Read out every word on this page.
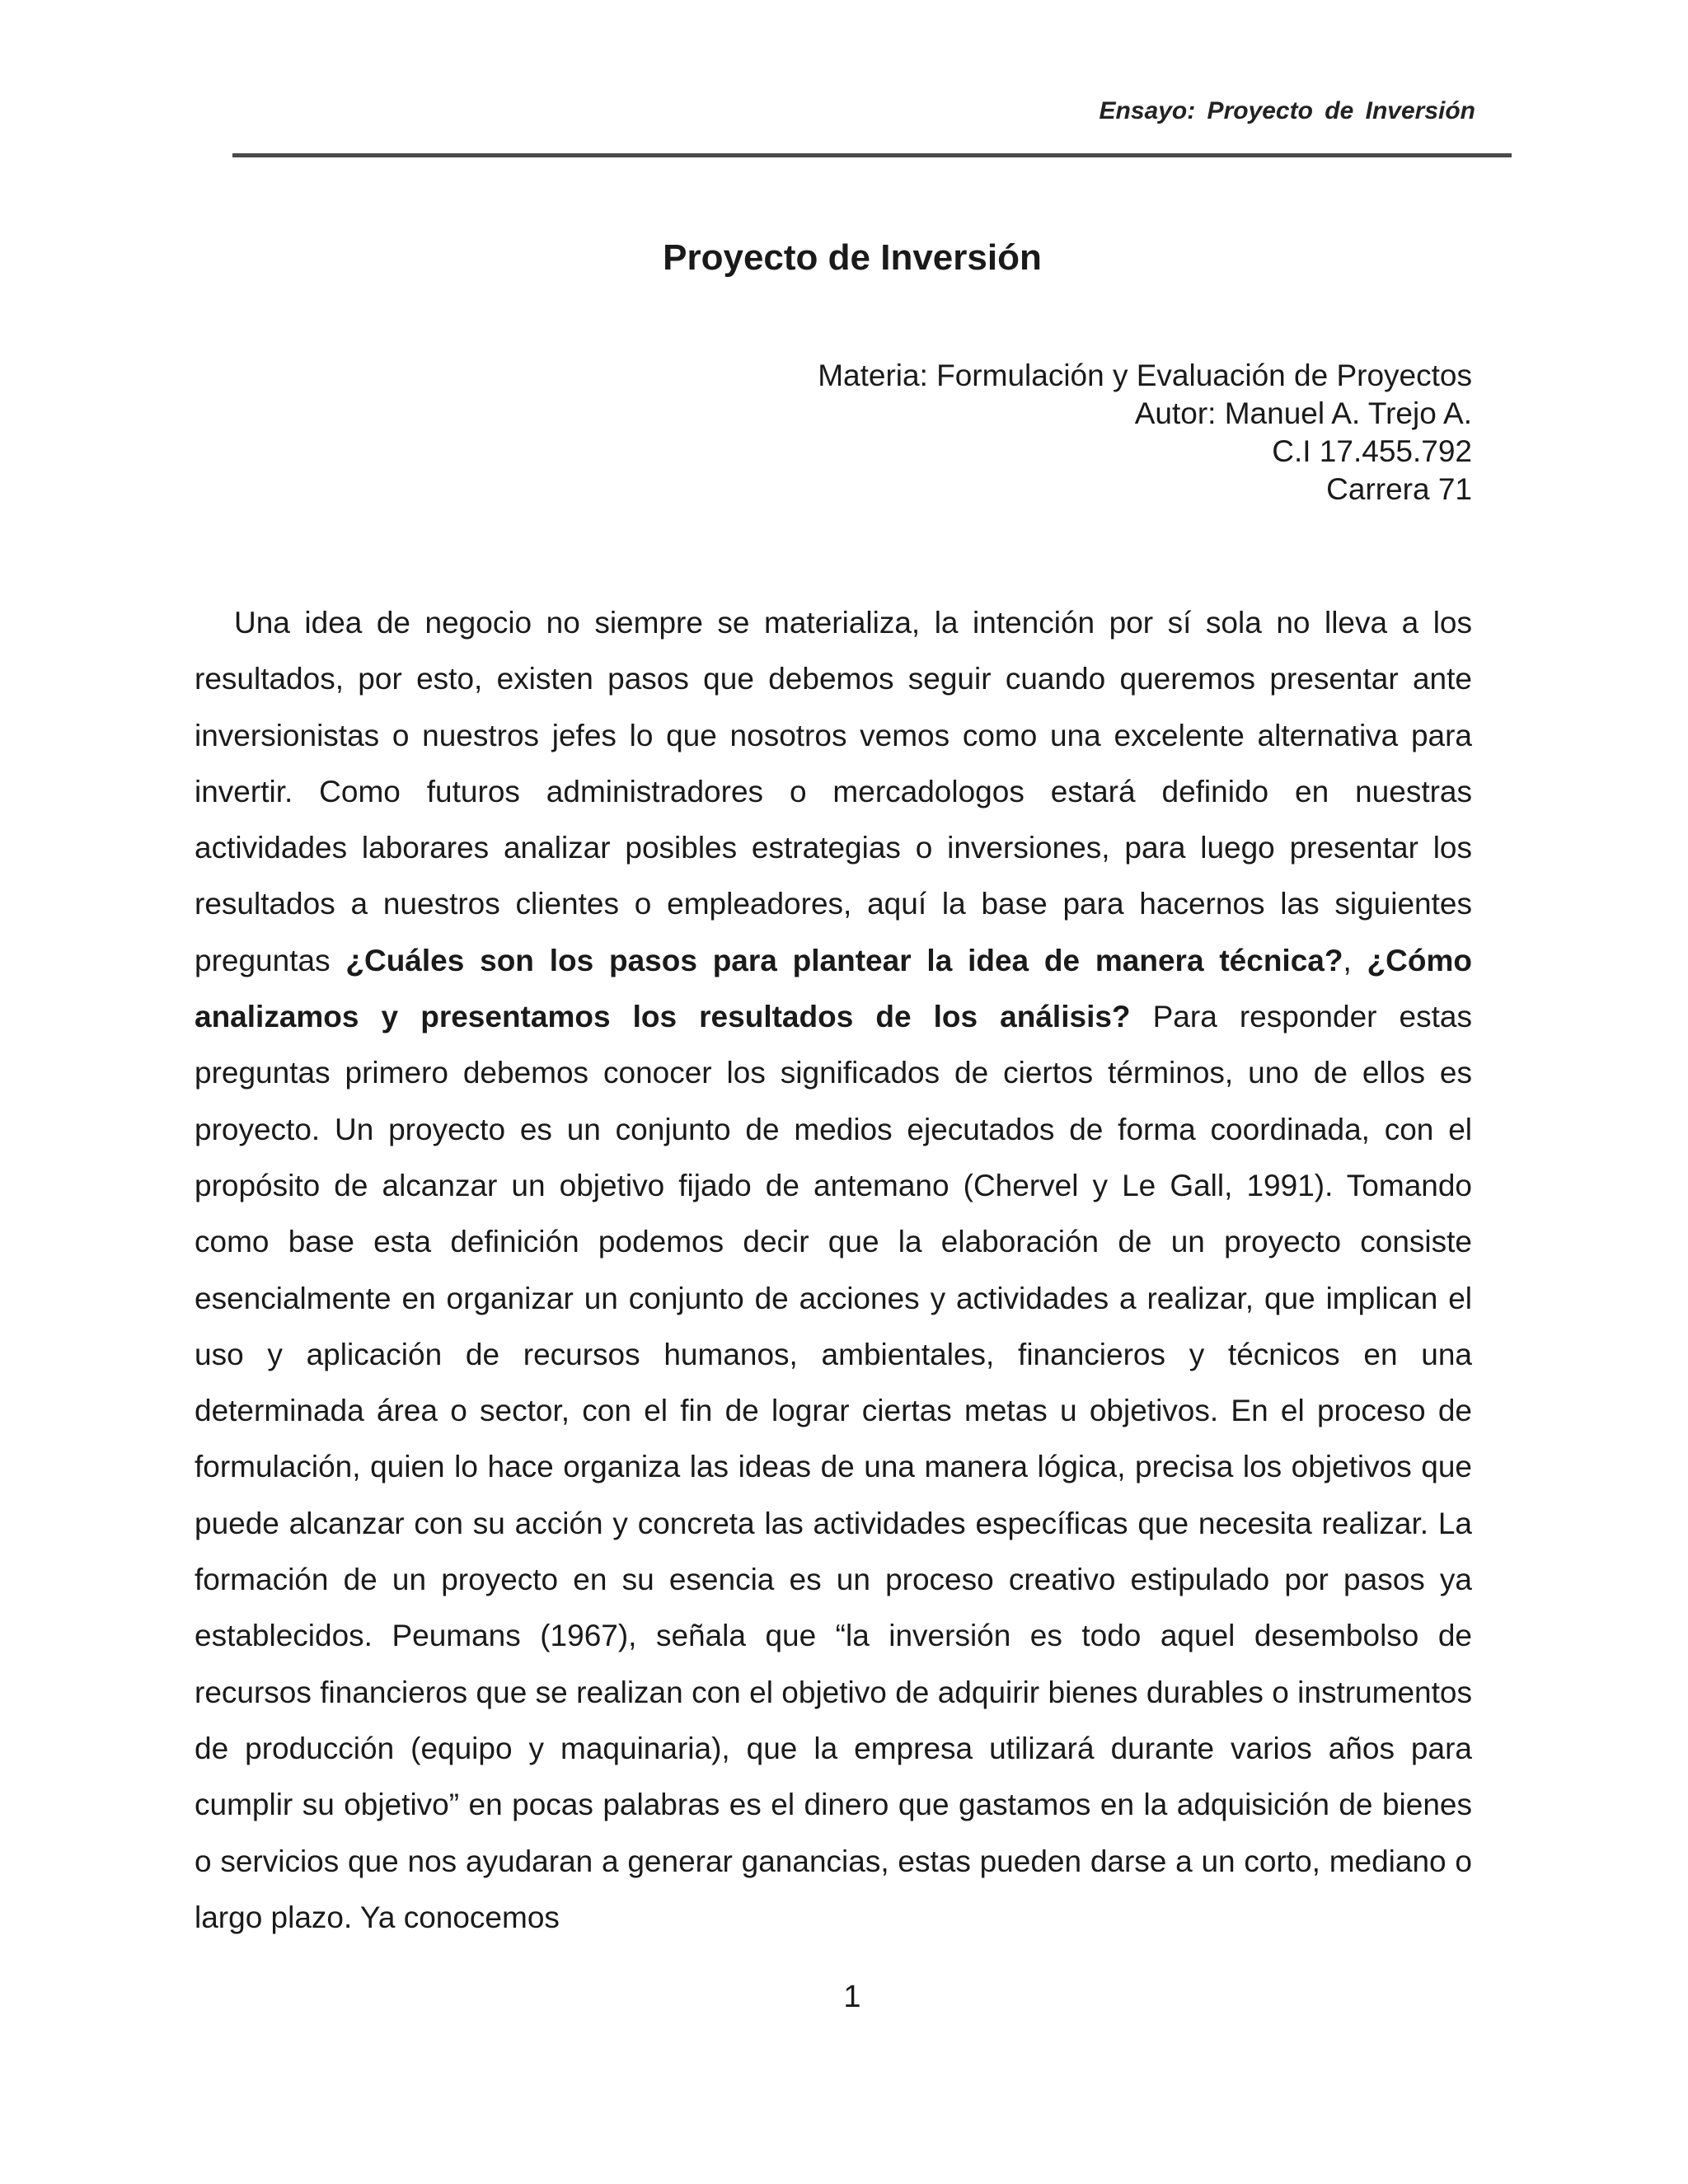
Ensayo: Proyecto de Inversión
Proyecto de Inversión
Materia: Formulación y Evaluación de Proyectos
Autor: Manuel A. Trejo A.
C.I 17.455.792
Carrera 71

Una idea de negocio no siempre se materializa, la intención por sí sola no lleva a los resultados, por esto, existen pasos que debemos seguir cuando queremos presentar ante inversionistas o nuestros jefes lo que nosotros vemos como una excelente alternativa para invertir. Como futuros administradores o mercadologos estará definido en nuestras actividades laborares analizar posibles estrategias o inversiones, para luego presentar los resultados a nuestros clientes o empleadores, aquí la base para hacernos las siguientes preguntas ¿Cuáles son los pasos para plantear la idea de manera técnica?, ¿Cómo analizamos y presentamos los resultados de los análisis? Para responder estas preguntas primero debemos conocer los significados de ciertos términos, uno de ellos es proyecto. Un proyecto es un conjunto de medios ejecutados de forma coordinada, con el propósito de alcanzar un objetivo fijado de antemano (Chervel y Le Gall, 1991). Tomando como base esta definición podemos decir que la elaboración de un proyecto consiste esencialmente en organizar un conjunto de acciones y actividades a realizar, que implican el uso y aplicación de recursos humanos, ambientales, financieros y técnicos en una determinada área o sector, con el fin de lograr ciertas metas u objetivos. En el proceso de formulación, quien lo hace organiza las ideas de una manera lógica, precisa los objetivos que puede alcanzar con su acción y concreta las actividades específicas que necesita realizar. La formación de un proyecto en su esencia es un proceso creativo estipulado por pasos ya establecidos. Peumans (1967), señala que “la inversión es todo aquel desembolso de recursos financieros que se realizan con el objetivo de adquirir bienes durables o instrumentos de producción (equipo y maquinaria), que la empresa utilizará durante varios años para cumplir su objetivo” en pocas palabras es el dinero que gastamos en la adquisición de bienes o servicios que nos ayudaran a generar ganancias, estas pueden darse a un corto, mediano o largo plazo. Ya conocemos

1
